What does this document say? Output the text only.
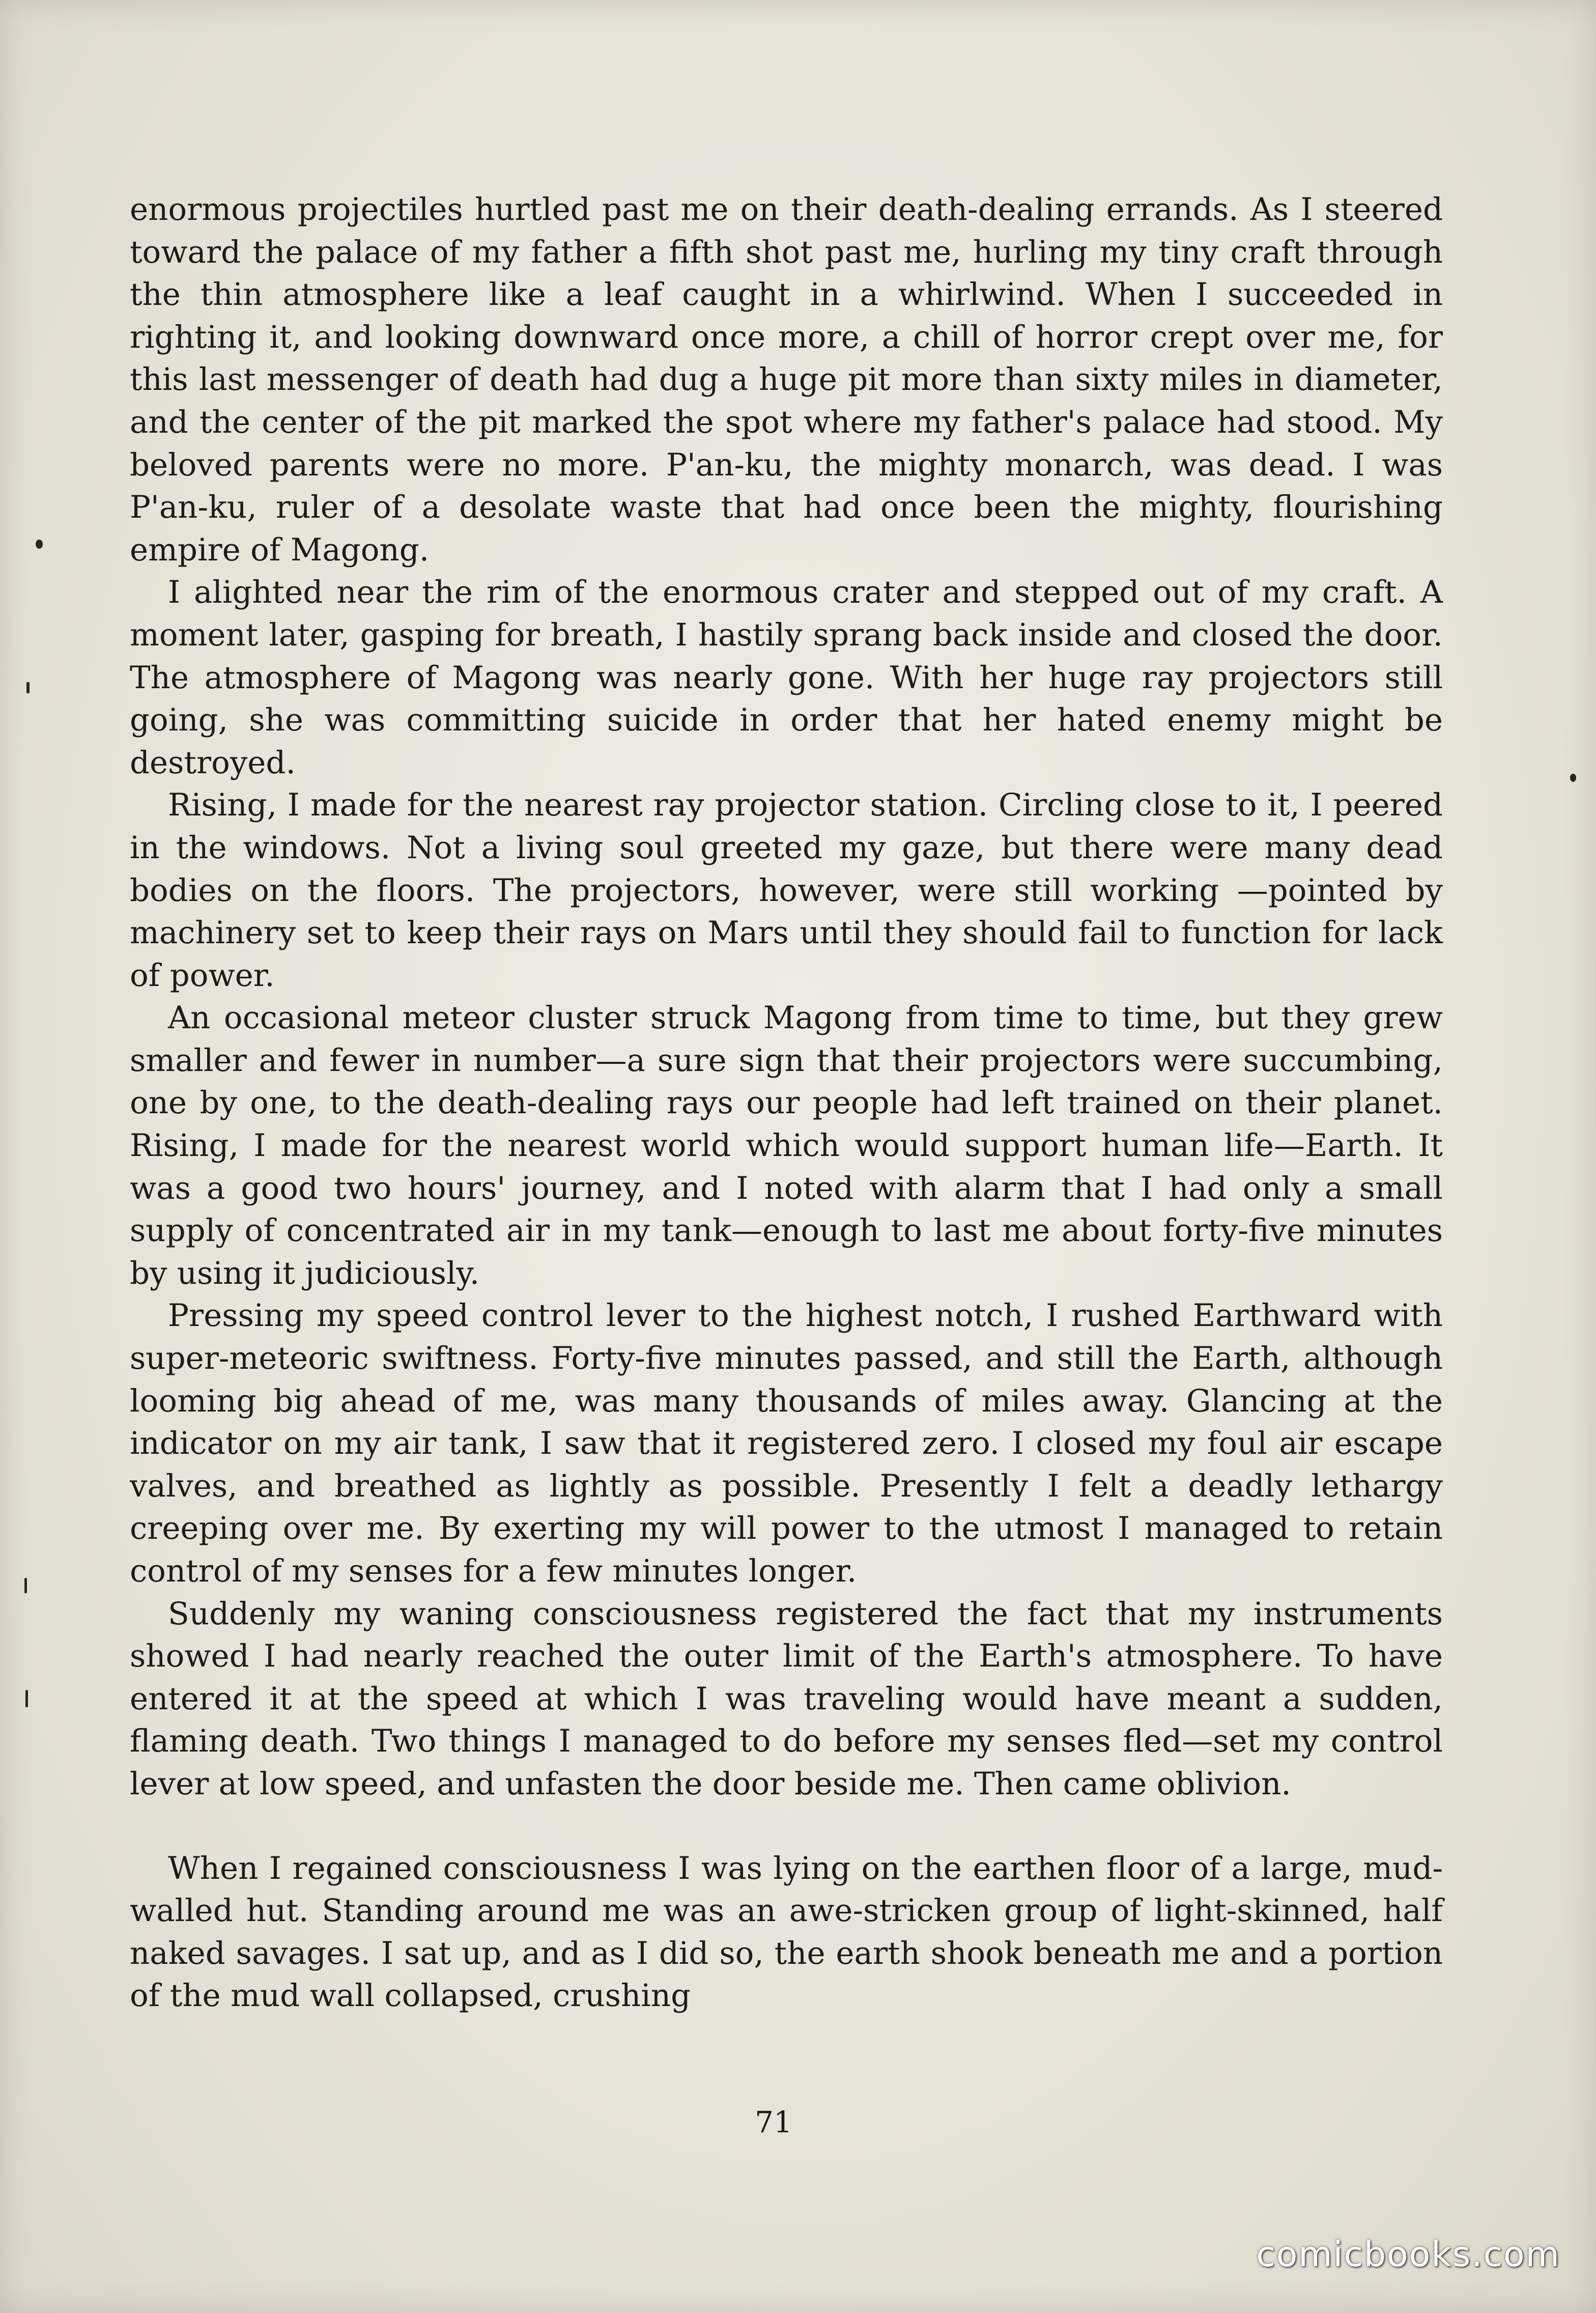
enormous projectiles hurtled past me on their death-dealing errands. As I steered toward the palace of my father a fifth shot past me, hurling my tiny craft through the thin atmosphere like a leaf caught in a whirlwind. When I succeeded in righting it, and looking downward once more, a chill of horror crept over me, for this last messenger of death had dug a huge pit more than sixty miles in diameter, and the center of the pit marked the spot where my father's palace had stood. My beloved parents were no more. P'an-ku, the mighty monarch, was dead. I was P'an-ku, ruler of a desolate waste that had once been the mighty, flourishing empire of Magong.

I alighted near the rim of the enormous crater and stepped out of my craft. A moment later, gasping for breath, I hastily sprang back inside and closed the door. The atmosphere of Magong was nearly gone. With her huge ray projectors still going, she was committing suicide in order that her hated enemy might be destroyed.

Rising, I made for the nearest ray projector station. Circling close to it, I peered in the windows. Not a living soul greeted my gaze, but there were many dead bodies on the floors. The projectors, however, were still working —pointed by machinery set to keep their rays on Mars until they should fail to function for lack of power.

An occasional meteor cluster struck Magong from time to time, but they grew smaller and fewer in number—a sure sign that their projectors were succumbing, one by one, to the death-dealing rays our people had left trained on their planet. Rising, I made for the nearest world which would support human life—Earth. It was a good two hours' journey, and I noted with alarm that I had only a small supply of concentrated air in my tank—enough to last me about forty-five minutes by using it judiciously.

Pressing my speed control lever to the highest notch, I rushed Earthward with super-meteoric swiftness. Forty-five minutes passed, and still the Earth, although looming big ahead of me, was many thousands of miles away. Glancing at the indicator on my air tank, I saw that it registered zero. I closed my foul air escape valves, and breathed as lightly as possible. Presently I felt a deadly lethargy creeping over me. By exerting my will power to the utmost I managed to retain control of my senses for a few minutes longer.

Suddenly my waning consciousness registered the fact that my instruments showed I had nearly reached the outer limit of the Earth's atmosphere. To have entered it at the speed at which I was traveling would have meant a sudden, flaming death. Two things I managed to do before my senses fled—set my control lever at low speed, and unfasten the door beside me. Then came oblivion.

When I regained consciousness I was lying on the earthen floor of a large, mud-walled hut. Standing around me was an awe-stricken group of light-skinned, half naked savages. I sat up, and as I did so, the earth shook beneath me and a portion of the mud wall collapsed, crushing

71
comicbooks.com
